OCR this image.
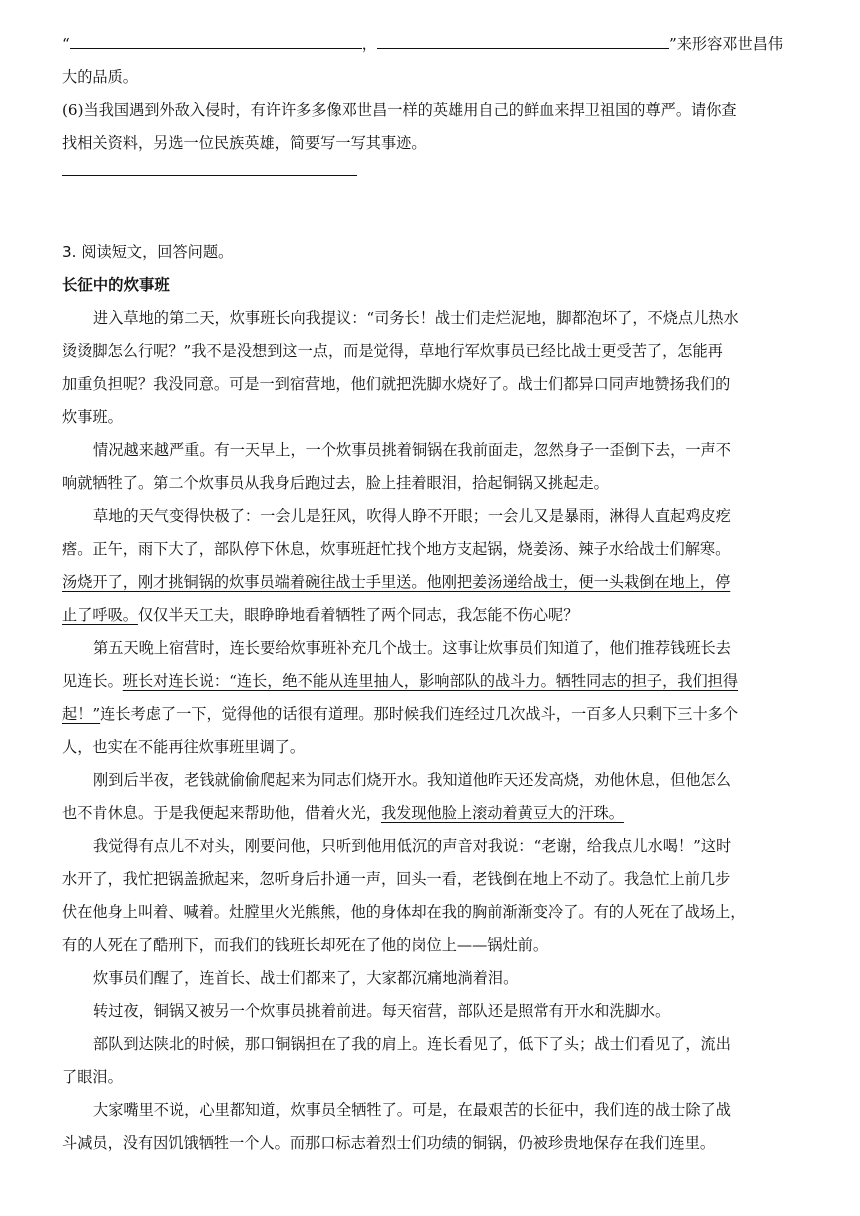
“	，	”来形容邓世昌伟
大的品质。
(6)当我国遇到外敌入侵时，有许许多多像邓世昌一样的英雄用自己的鲜血来捍卫祖国的尊严。请你查
找相关资料，另选一位民族英雄，简要写一写其事迹。
3. 阅读短文，回答问题。
长征中的炊事班
进入草地的第二天，炊事班长向我提议：“司务长！战士们走烂泥地，脚都泡坏了，不烧点儿热水
烫烫脚怎么行呢？”我不是没想到这一点，而是觉得，草地行军炊事员已经比战士更受苦了，怎能再
加重负担呢？我没同意。可是一到宿营地，他们就把洗脚水烧好了。战士们都异口同声地赞扬我们的
炊事班。
情况越来越严重。有一天早上，一个炊事员挑着铜锅在我前面走，忽然身子一歪倒下去，一声不
响就牺牲了。第二个炊事员从我身后跑过去，脸上挂着眼泪，拾起铜锅又挑起走。
草地的天气变得快极了：一会儿是狂风，吹得人睁不开眼；一会儿又是暴雨，淋得人直起鸡皮疙
瘩。正午，雨下大了，部队停下休息，炊事班赶忙找个地方支起锅，烧姜汤、辣子水给战士们解寒。
汤烧开了，刚才挑铜锅的炊事员端着碗往战士手里送。他刚把姜汤递给战士，便一头栽倒在地上，停
止了呼吸。仅仅半天工夫，眼睁睁地看着牺牲了两个同志，我怎能不伤心呢？
第五天晚上宿营时，连长要给炊事班补充几个战士。这事让炊事员们知道了，他们推荐钱班长去
见连长。班长对连长说：“连长，绝不能从连里抽人，影响部队的战斗力。牺牲同志的担子，我们担得
起！”连长考虑了一下，觉得他的话很有道理。那时候我们连经过几次战斗，一百多人只剩下三十多个
人，也实在不能再往炊事班里调了。
刚到后半夜，老钱就偷偷爬起来为同志们烧开水。我知道他昨天还发高烧，劝他休息，但他怎么
也不肯休息。于是我便起来帮助他，借着火光，我发现他脸上滚动着黄豆大的汗珠。
我觉得有点儿不对头，刚要问他，只听到他用低沉的声音对我说：“老谢，给我点儿水喝！”这时
水开了，我忙把锅盖掀起来，忽听身后扑通一声，回头一看，老钱倒在地上不动了。我急忙上前几步
伏在他身上叫着、喊着。灶膛里火光熊熊，他的身体却在我的胸前渐渐变冷了。有的人死在了战场上，
有的人死在了酷刑下，而我们的钱班长却死在了他的岗位上——锅灶前。
炊事员们醒了，连首长、战士们都来了，大家都沉痛地淌着泪。
转过夜，铜锅又被另一个炊事员挑着前进。每天宿营，部队还是照常有开水和洗脚水。
部队到达陕北的时候，那口铜锅担在了我的肩上。连长看见了，低下了头；战士们看见了，流出
了眼泪。
大家嘴里不说，心里都知道，炊事员全牺牲了。可是，在最艰苦的长征中，我们连的战士除了战
斗减员，没有因饥饿牺牲一个人。而那口标志着烈士们功绩的铜锅，仍被珍贵地保存在我们连里。
